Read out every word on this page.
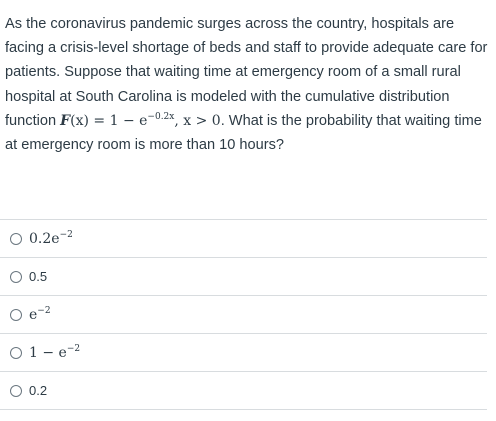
As the coronavirus pandemic surges across the country, hospitals are facing a crisis-level shortage of beds and staff to provide adequate care for patients. Suppose that waiting time at emergency room of a small rural hospital at South Carolina is modeled with the cumulative distribution function $F(x) = 1 - e^{-0.2x}$, x > 0. What is the probability that waiting time at emergency room is more than 10 hours?

$0.2e^{-2}$
0.5
$e^{-2}$
$1 - e^{-2}$
0.2
